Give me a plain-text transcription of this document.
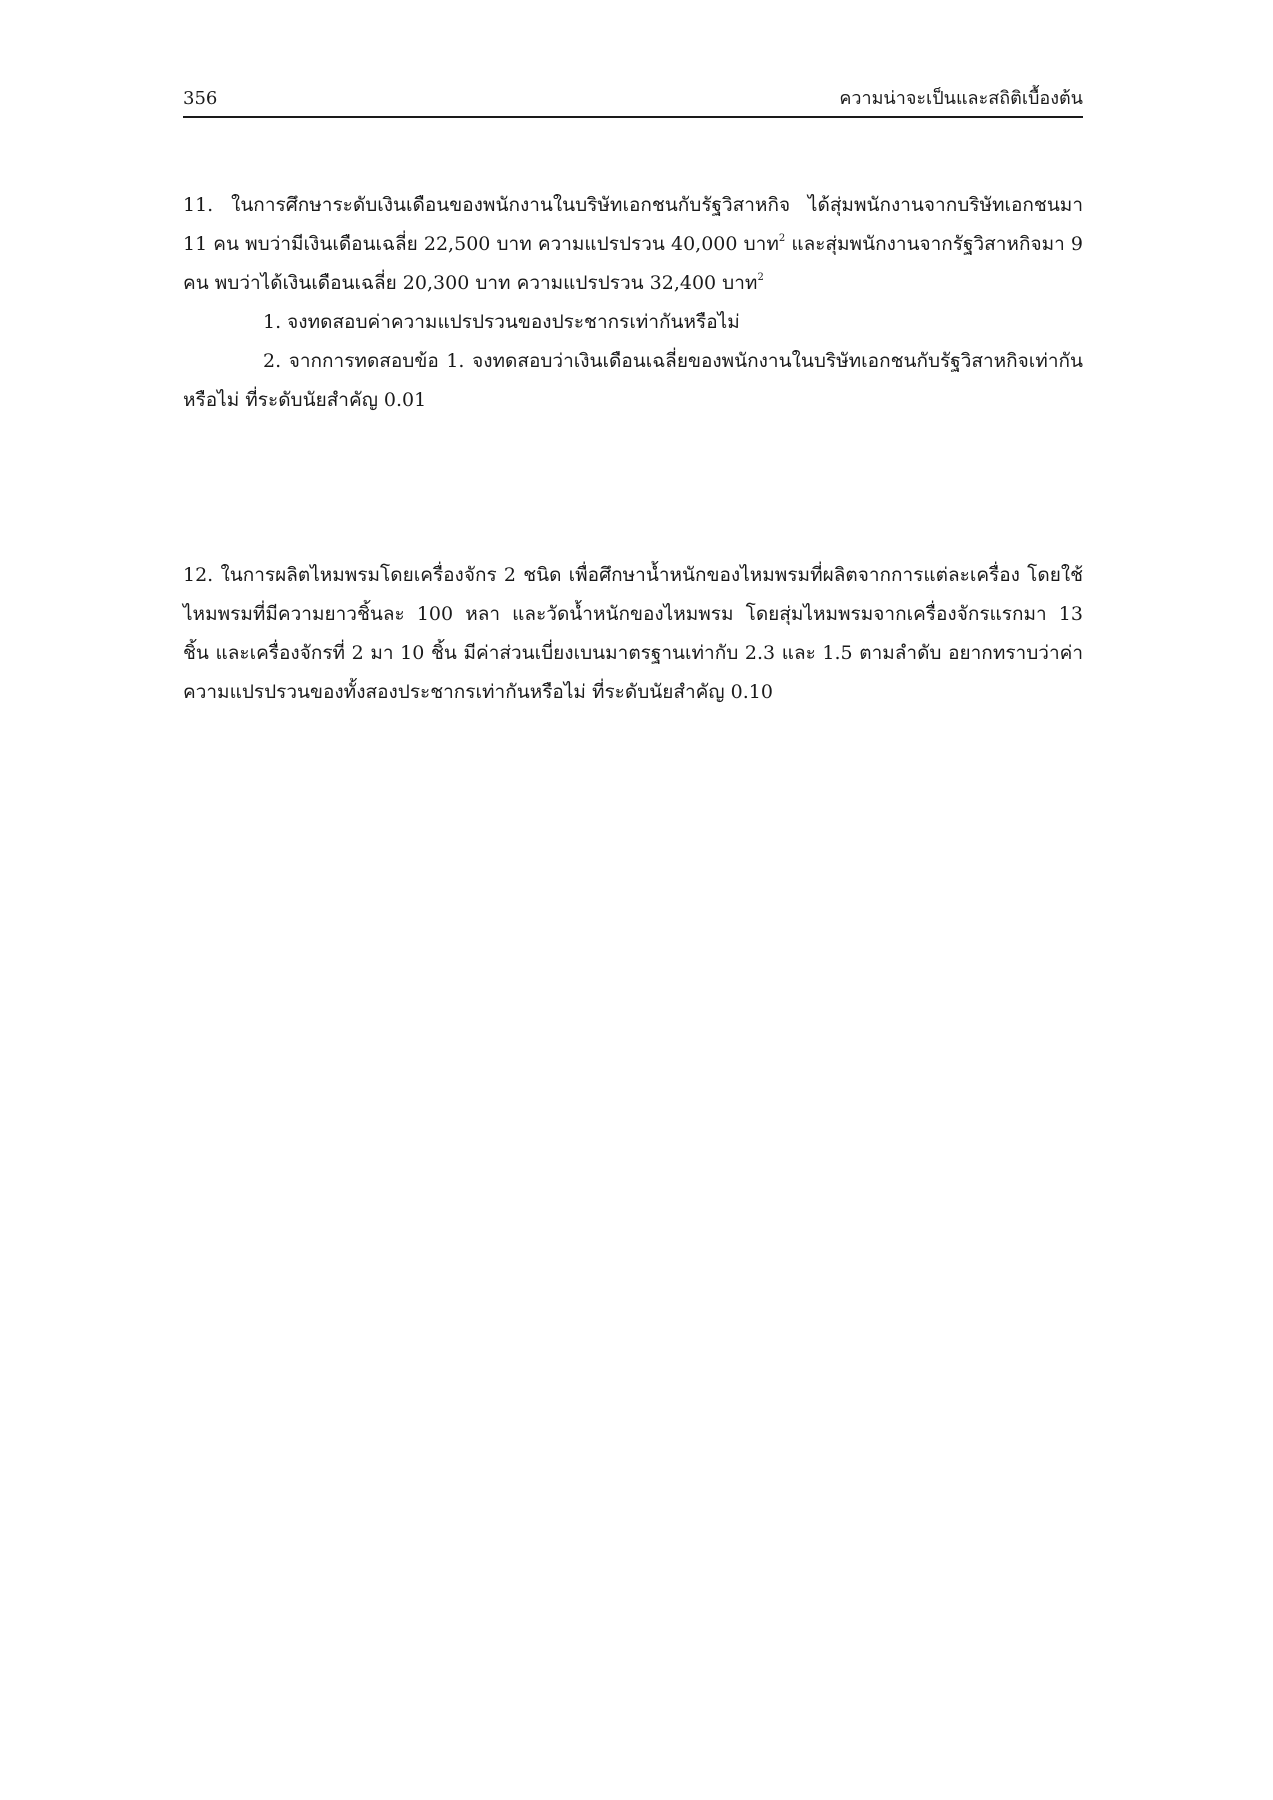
356	ความน่าจะเป็นและสถิติเบื้องต้น

11. ในการศึกษาระดับเงินเดือนของพนักงานในบริษัทเอกชนกับรัฐวิสาหกิจ ได้สุ่มพนักงานจากบริษัทเอกชนมา 11 คน พบว่ามีเงินเดือนเฉลี่ย 22,500 บาท ความแปรปรวน 40,000 บาท$^2$ และสุ่มพนักงานจากรัฐวิสาหกิจมา 9 คน พบว่าได้เงินเดือนเฉลี่ย 20,300 บาท ความแปรปรวน 32,400 บาท$^2$

1. จงทดสอบค่าความแปรปรวนของประชากรเท่ากันหรือไม่

2. จากการทดสอบข้อ 1. จงทดสอบว่าเงินเดือนเฉลี่ยของพนักงานในบริษัทเอกชนกับรัฐวิสาหกิจเท่ากันหรือไม่ ที่ระดับนัยสำคัญ 0.01

12. ในการผลิตไหมพรมโดยเครื่องจักร 2 ชนิด เพื่อศึกษาน้ำหนักของไหมพรมที่ผลิตจากการแต่ละเครื่อง โดยใช้ไหมพรมที่มีความยาวชิ้นละ 100 หลา และวัดน้ำหนักของไหมพรม โดยสุ่มไหมพรมจากเครื่องจักรแรกมา 13 ชิ้น และเครื่องจักรที่ 2 มา 10 ชิ้น มีค่าส่วนเบี่ยงเบนมาตรฐานเท่ากับ 2.3 และ 1.5 ตามลำดับ อยากทราบว่าค่าความแปรปรวนของทั้งสองประชากรเท่ากันหรือไม่ ที่ระดับนัยสำคัญ 0.10
